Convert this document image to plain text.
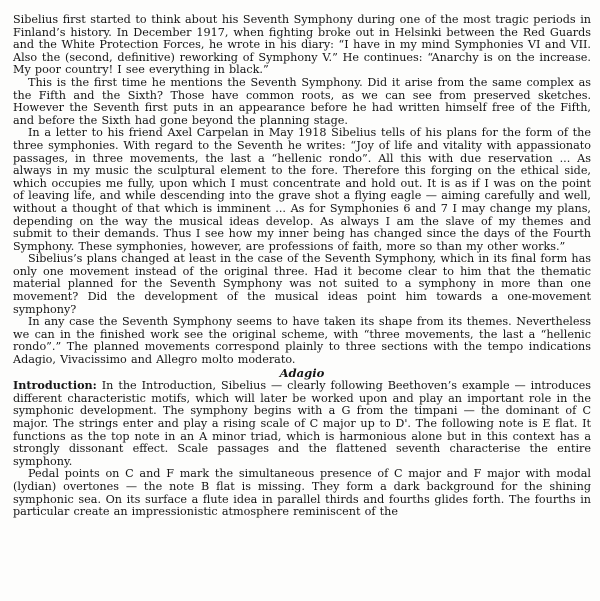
Sibelius first started to think about his Seventh Symphony during one of the most tragic periods in Finland’s history. In December 1917, when fighting broke out in Helsinki between the Red Guards and the White Protection Forces, he wrote in his diary: “I have in my mind Symphonies VI and VII. Also the (second, definitive) reworking of Symphony V.” He continues: “Anarchy is on the increase. My poor country! I see everything in black.”

This is the first time he mentions the Seventh Symphony. Did it arise from the same complex as the Fifth and the Sixth? Those have common roots, as we can see from preserved sketches. However the Seventh first puts in an appearance before he had written himself free of the Fifth, and before the Sixth had gone beyond the planning stage.

In a letter to his friend Axel Carpelan in May 1918 Sibelius tells of his plans for the form of the three symphonies. With regard to the Seventh he writes: “Joy of life and vitality with appassionato passages, in three movements, the last a “hellenic rondo”. All this with due reservation ... As always in my music the sculptural element to the fore. Therefore this forging on the ethical side, which occupies me fully, upon which I must concentrate and hold out. It is as if I was on the point of leaving life, and while descending into the grave shot a flying eagle — aiming carefully and well, without a thought of that which is imminent ... As for Symphonies 6 and 7 I may change my plans, depending on the way the musical ideas develop. As always I am the slave of my themes and submit to their demands. Thus I see how my inner being has changed since the days of the Fourth Symphony. These symphonies, however, are professions of faith, more so than my other works.”

Sibelius’s plans changed at least in the case of the Seventh Symphony, which in its final form has only one movement instead of the original three. Had it become clear to him that the thematic material planned for the Seventh Symphony was not suited to a symphony in more than one movement? Did the development of the musical ideas point him towards a one-movement symphony?

In any case the Seventh Symphony seems to have taken its shape from its themes. Nevertheless we can in the finished work see the original scheme, with “three movements, the last a “hellenic rondo”.” The planned movements correspond plainly to three sections with the tempo indications Adagio, Vivacissimo and Allegro molto moderato.

Adagio

Introduction: In the Introduction, Sibelius — clearly following Beethoven’s example — introduces different characteristic motifs, which will later be worked upon and play an important role in the symphonic development. The symphony begins with a G from the timpani — the dominant of C major. The strings enter and play a rising scale of C major up to D'. The following note is E flat. It functions as the top note in an A minor triad, which is harmonious alone but in this context has a strongly dissonant effect. Scale passages and the flattened seventh characterise the entire symphony.

Pedal points on C and F mark the simultaneous presence of C major and F major with modal (lydian) overtones — the note B flat is missing. They form a dark background for the shining symphonic sea. On its surface a flute idea in parallel thirds and fourths glides forth. The fourths in particular create an impressionistic atmosphere reminiscent of the
